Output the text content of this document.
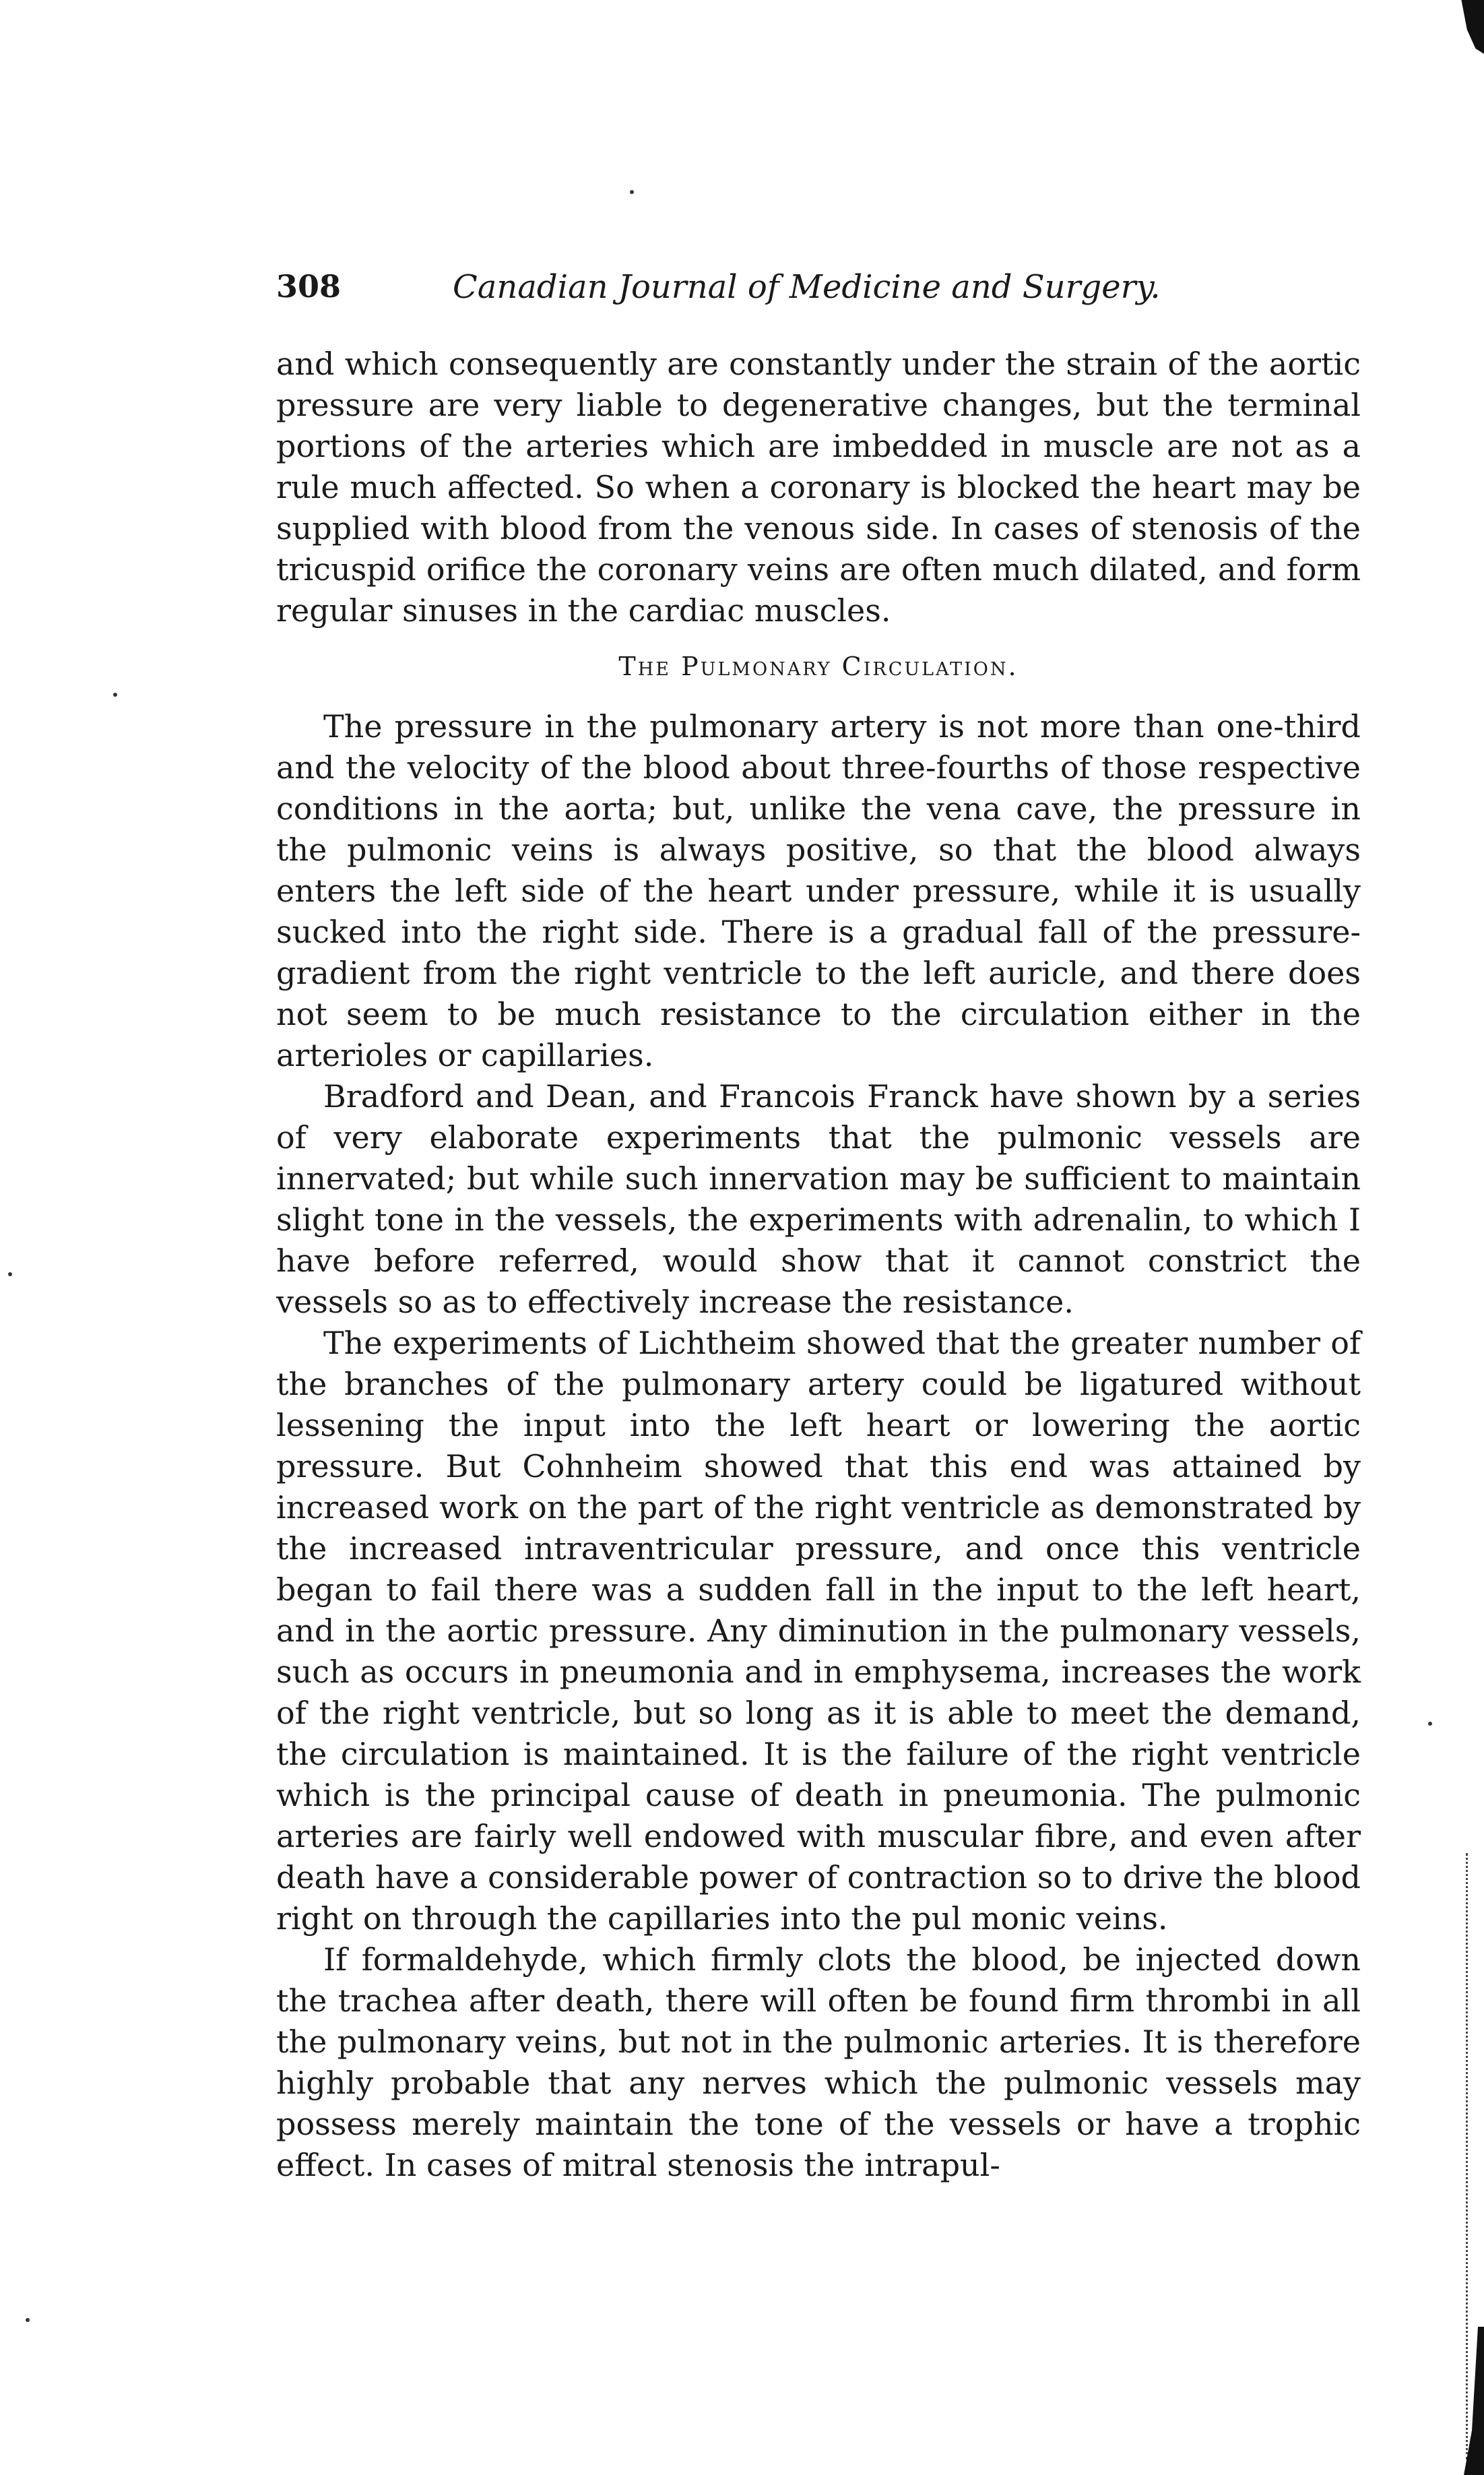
308	Canadian Journal of Medicine and Surgery.

and which consequently are constantly under the strain of the aortic pressure are very liable to degenerative changes, but the terminal portions of the arteries which are imbedded in muscle are not as a rule much affected. So when a coronary is blocked the heart may be supplied with blood from the venous side. In cases of stenosis of the tricuspid orifice the coronary veins are often much dilated, and form regular sinuses in the cardiac muscles.

The Pulmonary Circulation.

The pressure in the pulmonary artery is not more than one-third and the velocity of the blood about three-fourths of those respective conditions in the aorta; but, unlike the vena cave, the pressure in the pulmonic veins is always positive, so that the blood always enters the left side of the heart under pressure, while it is usually sucked into the right side. There is a gradual fall of the pressure-gradient from the right ventricle to the left auricle, and there does not seem to be much resistance to the circulation either in the arterioles or capillaries.

Bradford and Dean, and Francois Franck have shown by a series of very elaborate experiments that the pulmonic vessels are innervated; but while such innervation may be sufficient to maintain slight tone in the vessels, the experiments with adrenalin, to which I have before referred, would show that it cannot constrict the vessels so as to effectively increase the resistance.

The experiments of Lichtheim showed that the greater number of the branches of the pulmonary artery could be ligatured without lessening the input into the left heart or lowering the aortic pressure. But Cohnheim showed that this end was attained by increased work on the part of the right ventricle as demonstrated by the increased intraventricular pressure, and once this ventricle began to fail there was a sudden fall in the input to the left heart, and in the aortic pressure. Any diminution in the pulmonary vessels, such as occurs in pneumonia and in emphysema, increases the work of the right ventricle, but so long as it is able to meet the demand, the circulation is maintained. It is the failure of the right ventricle which is the principal cause of death in pneumonia. The pulmonic arteries are fairly well endowed with muscular fibre, and even after death have a considerable power of contraction so to drive the blood right on through the capillaries into the pul monic veins.

If formaldehyde, which firmly clots the blood, be injected down the trachea after death, there will often be found firm thrombi in all the pulmonary veins, but not in the pulmonic arteries. It is therefore highly probable that any nerves which the pulmonic vessels may possess merely maintain the tone of the vessels or have a trophic effect. In cases of mitral stenosis the intrapul-
